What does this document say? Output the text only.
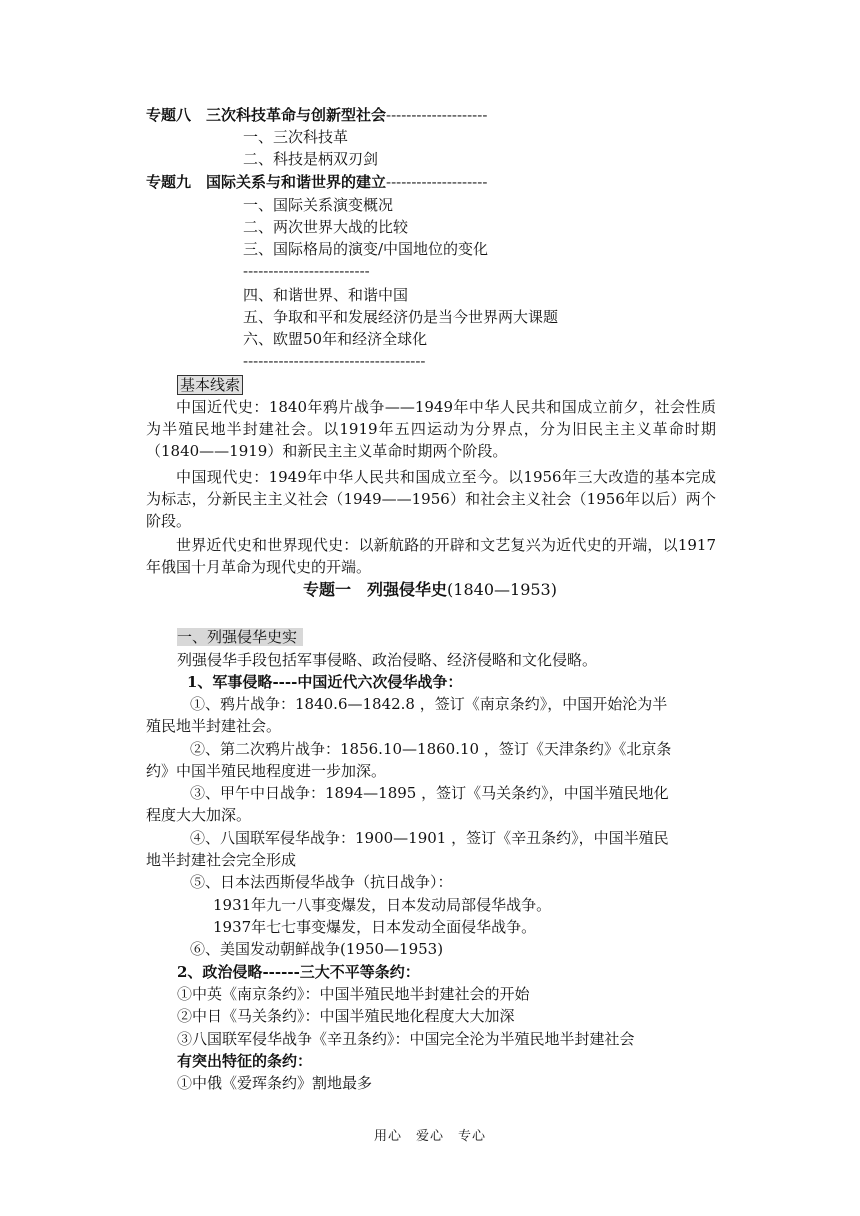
专题八　三次科技革命与创新型社会--------------------
一、三次科技革
二、科技是柄双刃剑
专题九　国际关系与和谐世界的建立--------------------
一、国际关系演变概况
二、两次世界大战的比较
三、国际格局的演变/中国地位的变化
-------------------------
四、和谐世界、和谐中国
五、争取和平和发展经济仍是当今世界两大课题
六、欧盟50年和经济全球化
------------------------------------
基本线索
中国近代史：1840年鸦片战争——1949年中华人民共和国成立前夕，社会性质为半殖民地半封建社会。以1919年五四运动为分界点，分为旧民主主义革命时期（1840——1919）和新民主主义革命时期两个阶段。
中国现代史：1949年中华人民共和国成立至今。以1956年三大改造的基本完成为标志，分新民主主义社会（1949——1956）和社会主义社会（1956年以后）两个阶段。
世界近代史和世界现代史：以新航路的开辟和文艺复兴为近代史的开端，以1917年俄国十月革命为现代史的开端。
专题一　列强侵华史(1840—1953)
一、列强侵华史实
列强侵华手段包括军事侵略、政治侵略、经济侵略和文化侵略。
1、军事侵略----中国近代六次侵华战争：
①、鸦片战争：1840.6—1842.8 ，签订《南京条约》，中国开始沦为半
殖民地半封建社会。
②、第二次鸦片战争：1856.10—1860.10 ，签订《天津条约》《北京条
约》中国半殖民地程度进一步加深。
③、甲午中日战争：1894—1895 ，签订《马关条约》，中国半殖民地化
程度大大加深。
④、八国联军侵华战争：1900—1901 ，签订《辛丑条约》，中国半殖民
地半封建社会完全形成
⑤、日本法西斯侵华战争（抗日战争）：
1931年九一八事变爆发，日本发动局部侵华战争。
1937年七七事变爆发，日本发动全面侵华战争。
⑥、美国发动朝鲜战争(1950—1953)
2、政治侵略------三大不平等条约：
①中英《南京条约》：中国半殖民地半封建社会的开始
②中日《马关条约》：中国半殖民地化程度大大加深
③八国联军侵华战争《辛丑条约》：中国完全沦为半殖民地半封建社会
有突出特征的条约：
①中俄《爱珲条约》割地最多
用心　爱心　专心
